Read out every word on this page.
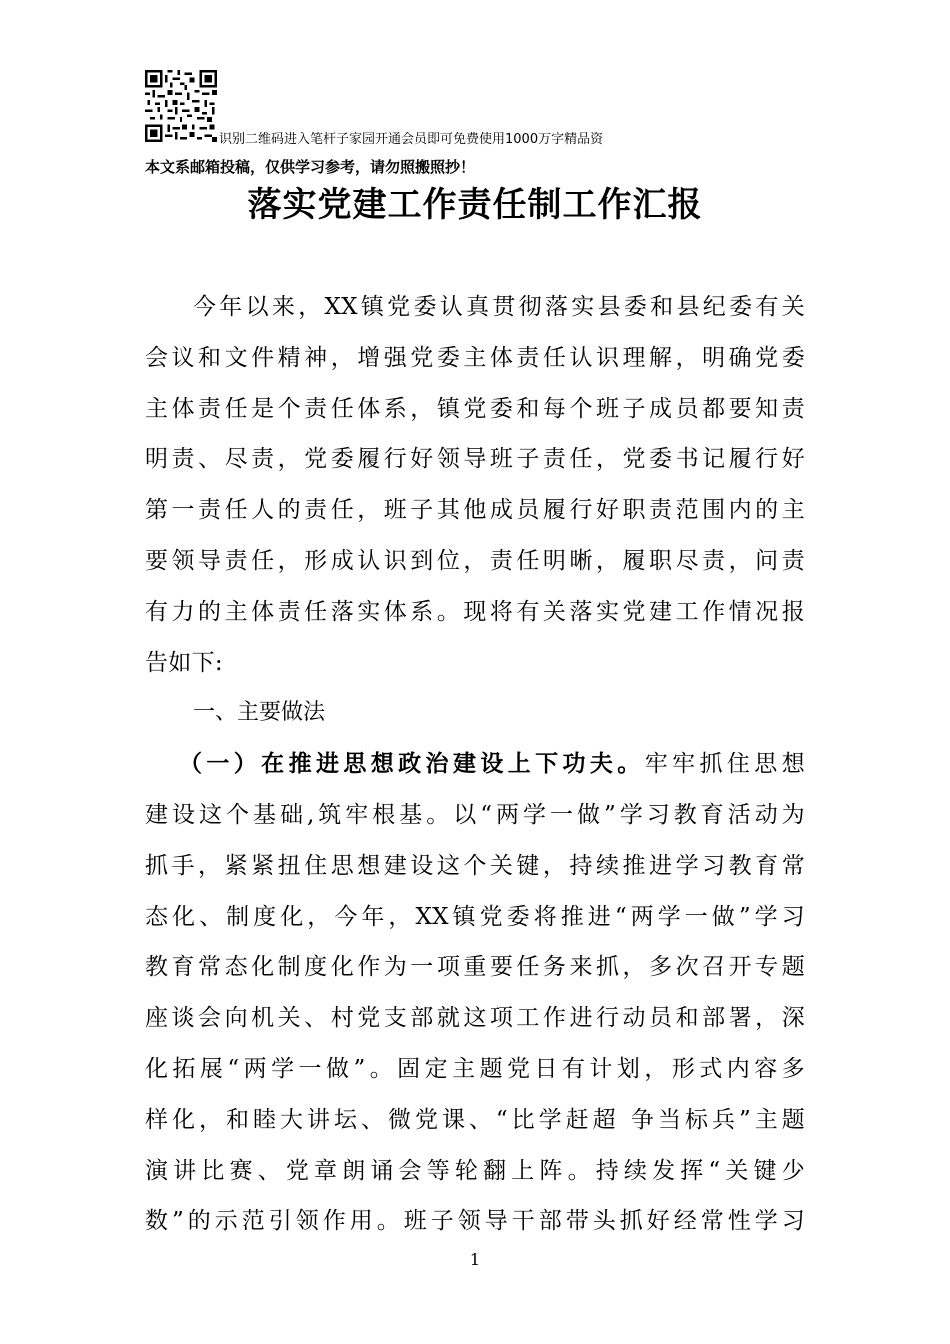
识别二维码进入笔杆子家园开通会员即可免费使用1000万字精品资
本文系邮箱投稿，仅供学习参考，请勿照搬照抄！
落实党建工作责任制工作汇报
今年以来，XX镇党委认真贯彻落实县委和县纪委有关
会议和文件精神，增强党委主体责任认识理解，明确党委
主体责任是个责任体系，镇党委和每个班子成员都要知责
明责、尽责，党委履行好领导班子责任，党委书记履行好
第一责任人的责任，班子其他成员履行好职责范围内的主
要领导责任，形成认识到位，责任明晰，履职尽责，问责
有力的主体责任落实体系。现将有关落实党建工作情况报
告如下:
一、主要做法
（一）在推进思想政治建设上下功夫。牢牢抓住思想
建设这个基础,筑牢根基。以“两学一做”学习教育活动为
抓手，紧紧扭住思想建设这个关键，持续推进学习教育常
态化、制度化，今年，XX镇党委将推进“两学一做”学习
教育常态化制度化作为一项重要任务来抓，多次召开专题
座谈会向机关、村党支部就这项工作进行动员和部署，深
化拓展“两学一做”。固定主题党日有计划，形式内容多
样化，和睦大讲坛、微党课、“比学赶超 争当标兵”主题
演讲比赛、党章朗诵会等轮翻上阵。持续发挥“关键少
数”的示范引领作用。班子领导干部带头抓好经常性学习
1
